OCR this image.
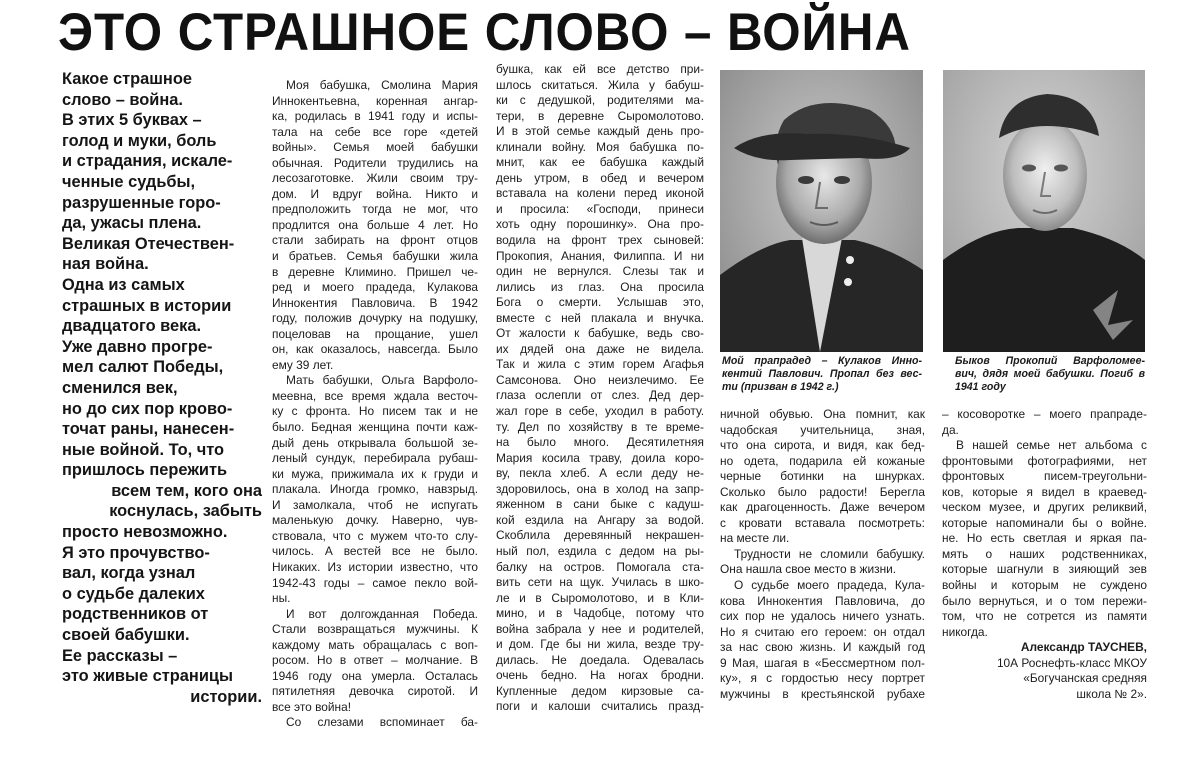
ЭТО СТРАШНОЕ СЛОВО – ВОЙНА
Какое страшное
слово – война.
В этих 5 буквах –
голод и муки, боль
и страдания, искале-
ченные судьбы,
разрушенные горо-
да, ужасы плена.
Великая Отечествен-
ная война.
Одна из самых
страшных в истории
двадцатого века.
Уже давно прогре-
мел салют Победы,
сменился век,
но до сих пор крово-
точат раны, нанесен-
ные войной. То, что
пришлось пережить
всем тем, кого она
коснулась, забыть
просто невозможно.
Я это прочувство-
вал, когда узнал
о судьбе далеких
родственников от
своей бабушки.
Ее рассказы –
это живые страницы
истории.
Моя бабушка, Смолина Мария
Иннокентьевна, коренная ангар-
ка, родилась в 1941 году и испы-
тала на себе все горе «детей
войны». Семья моей бабушки
обычная. Родители трудились на
лесозаготовке. Жили своим тру-
дом. И вдруг война. Никто и
предположить тогда не мог, что
продлится она больше 4 лет. Но
стали забирать на фронт отцов
и братьев. Семья бабушки жила
в деревне Климино. Пришел че-
ред и моего прадеда, Кулакова
Иннокентия Павловича. В 1942
году, положив дочурку на подушку,
поцеловав на прощание, ушел
он, как оказалось, навсегда. Было
ему 39 лет.
Мать бабушки, Ольга Варфоло-
меевна, все время ждала весточ-
ку с фронта. Но писем так и не
было. Бедная женщина почти каж-
дый день открывала большой зе-
леный сундук, перебирала рубаш-
ки мужа, прижимала их к груди и
плакала. Иногда громко, навзрыд.
И замолкала, чтоб не испугать
маленькую дочку. Наверно, чув-
ствовала, что с мужем что-то слу-
чилось. А вестей все не было.
Никаких. Из истории известно, что
1942-43 годы – самое пекло вой-
ны.
И вот долгожданная Победа.
Стали возвращаться мужчины. К
каждому мать обращалась с воп-
росом. Но в ответ – молчание. В
1946 году она умерла. Осталась
пятилетняя девочка сиротой. И
все это война!
Со слезами вспоминает ба-
бушка, как ей все детство при-
шлось скитаться. Жила у бабуш-
ки с дедушкой, родителями ма-
тери, в деревне Сыромолотово.
И в этой семье каждый день про-
клинали войну. Моя бабушка по-
мнит, как ее бабушка каждый
день утром, в обед и вечером
вставала на колени перед иконой
и просила: «Господи, принеси
хоть одну порошинку». Она про-
водила на фронт трех сыновей:
Прокопия, Анания, Филиппа. И ни
один не вернулся. Слезы так и
лились из глаз. Она просила
Бога о смерти. Услышав это,
вместе с ней плакала и внучка.
От жалости к бабушке, ведь сво-
их дядей она даже не видела.
Так и жила с этим горем Агафья
Самсонова. Оно неизлечимо. Ее
глаза ослепли от слез. Дед дер-
жал горе в себе, уходил в работу.
ту. Дел по хозяйству в те време-
на было много. Десятилетняя
Мария косила траву, доила коро-
ву, пекла хлеб. А если деду не-
здоровилось, она в холод на запр-
яженном в сани быке с кадуш-
кой ездила на Ангару за водой.
Скоблила деревянный некрашен-
ный пол, ездила с дедом на ры-
балку на остров. Помогала ста-
вить сети на щук. Училась в шко-
ле и в Сыромолотово, и в Кли-
мино, и в Чадобце, потому что
война забрала у нее и родителей,
и дом. Где бы ни жила, везде тру-
дилась. Не доедала. Одевалась
очень бедно. На ногах бродни.
Купленные дедом кирзовые са-
поги и калоши считались празд-
Мой прапрадед – Кулаков Инно-
кентий Павлович. Пропал без вес-
ти (призван в 1942 г.)
Быков Прокопий Варфоломее-
вич, дядя моей бабушки. Погиб в
1941 году
ничной обувью. Она помнит, как
чадобская учительница, зная,
что она сирота, и видя, как бед-
но одета, подарила ей кожаные
черные ботинки на шнурках.
Сколько было радости! Берегла
как драгоценность. Даже вечером
с кровати вставала посмотреть:
на месте ли.
Трудности не сломили бабушку.
Она нашла свое место в жизни.
О судьбе моего прадеда, Кула-
кова Иннокентия Павловича, до
сих пор не удалось ничего узнать.
Но я считаю его героем: он отдал
за нас свою жизнь. И каждый год
9 Мая, шагая в «Бессмертном пол-
ку», я с гордостью несу портрет
мужчины в крестьянской рубахе
– косоворотке – моего прапраде-
да.
В нашей семье нет альбома с
фронтовыми фотографиями, нет
фронтовых писем-треугольни-
ков, которые я видел в краевед-
ческом музее, и других реликвий,
которые напоминали бы о войне.
не. Но есть светлая и яркая па-
мять о наших родственниках,
которые шагнули в зияющий зев
войны и которым не суждено
было вернуться, и о том пережи-
том, что не сотрется из памяти
никогда.
Александр ТАУСНЕВ,
10А Роснефть-класс МКОУ
«Богучанская средняя
школа № 2».
